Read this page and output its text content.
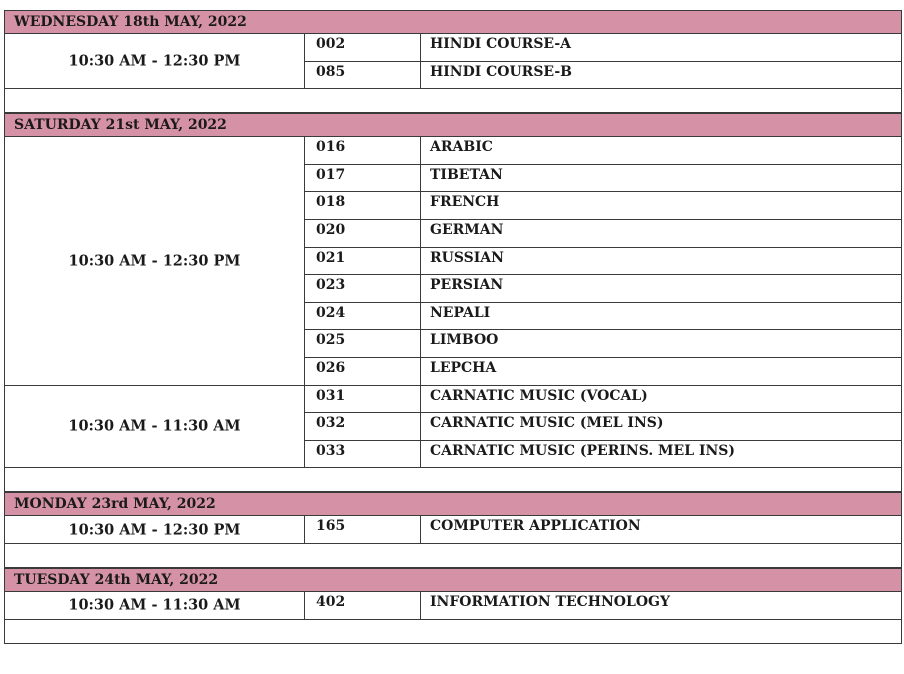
WEDNESDAY 18th MAY, 2022
10:30 AM - 12:30 PM
002	HINDI COURSE-A
085	HINDI COURSE-B
SATURDAY 21st MAY, 2022
10:30 AM - 12:30 PM
016	ARABIC
017	TIBETAN
018	FRENCH
020	GERMAN
021	RUSSIAN
023	PERSIAN
024	NEPALI
025	LIMBOO
026	LEPCHA
10:30 AM - 11:30 AM
031	CARNATIC MUSIC (VOCAL)
032	CARNATIC MUSIC (MEL INS)
033	CARNATIC MUSIC (PERINS. MEL INS)
MONDAY 23rd MAY, 2022
10:30 AM - 12:30 PM	165	COMPUTER APPLICATION
TUESDAY 24th MAY, 2022
10:30 AM - 11:30 AM	402	INFORMATION TECHNOLOGY
